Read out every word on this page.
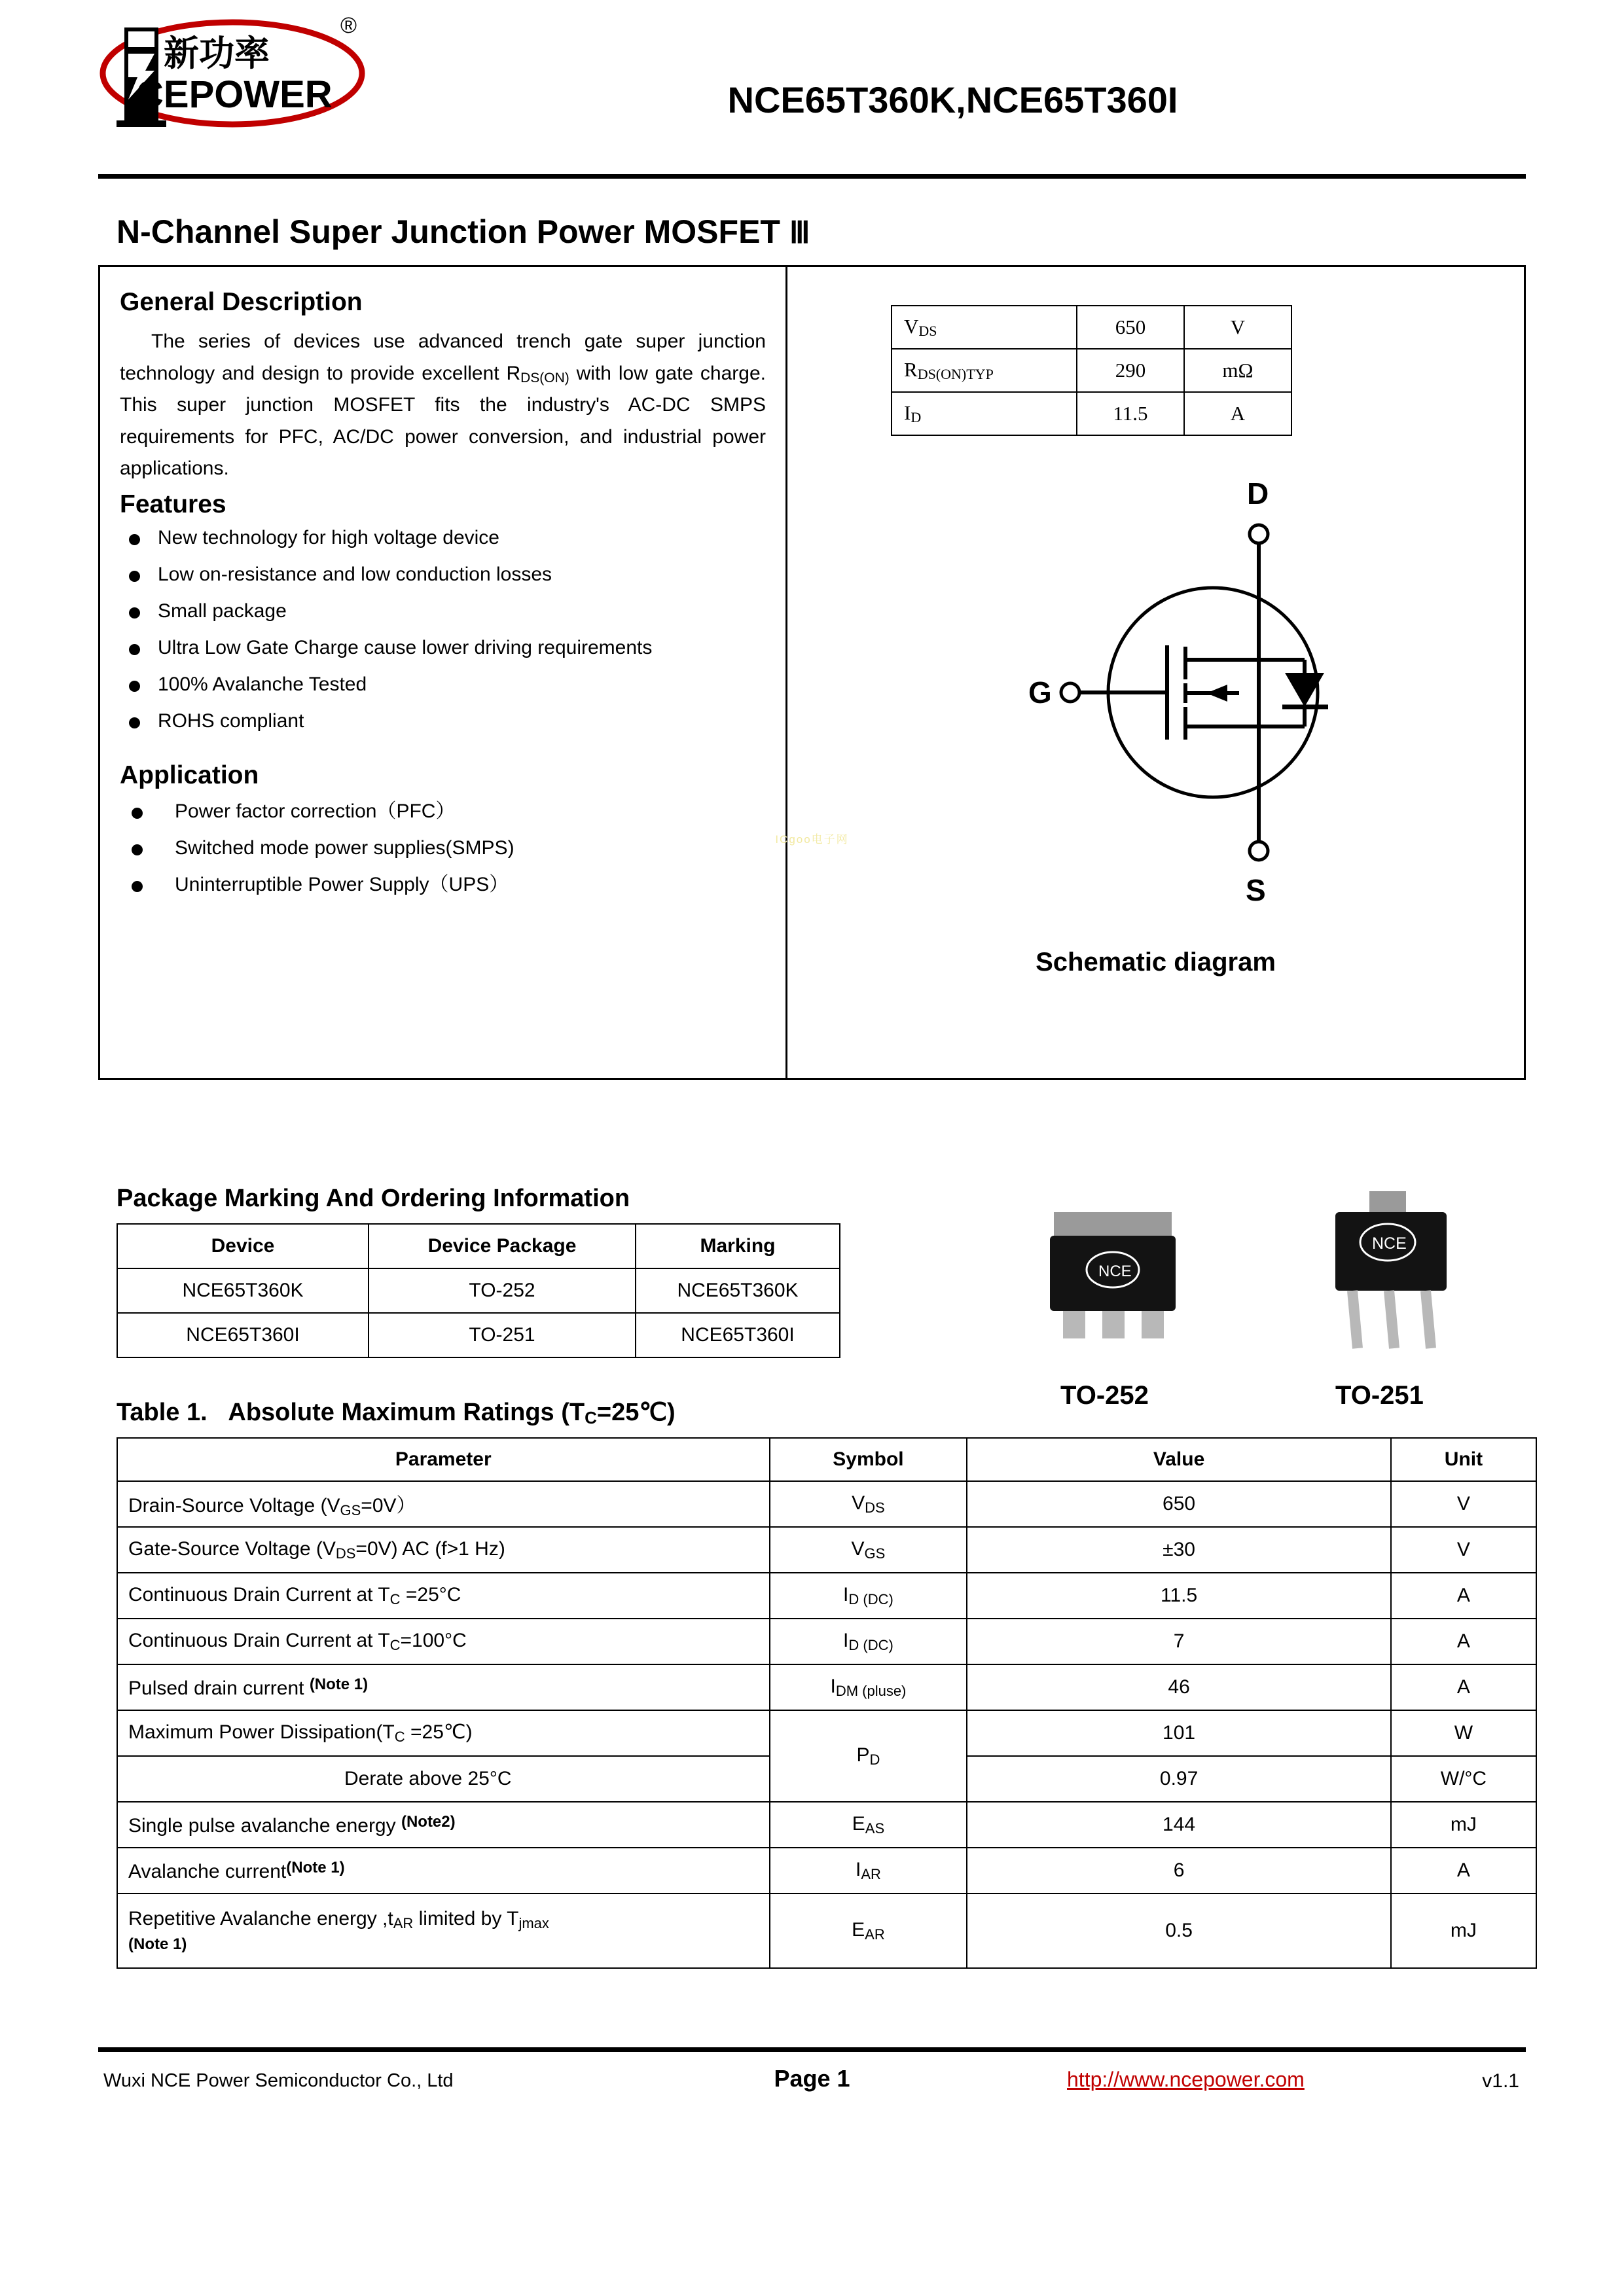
新功率
CEPOWER
®
NCE65T360K,NCE65T360I
N-Channel Super Junction Power MOSFET Ⅲ
General Description

The series of devices use advanced trench gate super junction technology and design to provide excellent RDS(ON) with low gate charge. This super junction MOSFET fits the industry's AC-DC SMPS requirements for PFC, AC/DC power conversion, and industrial power applications.

Features
New technology for high voltage device
Low on-resistance and low conduction losses
Small package
Ultra Low Gate Charge cause lower driving requirements
100% Avalanche Tested
ROHS compliant
Application
Power factor correction（PFC）
Switched mode power supplies(SMPS)
Uninterruptible Power Supply（UPS）
VDS	650	V
RDS(ON)TYP	290	mΩ
ID	11.5	A
D
S
G
Schematic diagram
ICgoo电子网
Package Marking And Ordering Information
Device	Device Package	Marking
NCE65T360K	TO-252	NCE65T360K
NCE65T360I	TO-251	NCE65T360I
NCE
NCE
TO-252	TO-251
Table 1. Absolute Maximum Ratings (TC=25℃)
Parameter	Symbol	Value	Unit
Drain-Source Voltage (VGS=0V）	VDS	650	V
Gate-Source Voltage (VDS=0V) AC (f>1 Hz)	VGS	±30	V
Continuous Drain Current at TC =25°C	ID (DC)	11.5	A
Continuous Drain Current at TC=100°C	ID (DC)	7	A
Pulsed drain current $^{(Note 1)}$	IDM (pluse)	46	A
Maximum Power Dissipation(TC =25℃)	PD	101	W
Derate above 25°C		0.97	W/°C
Single pulse avalanche energy $^{(Note2)}$	EAS	144	mJ
Avalanche current$^{(Note 1)}$	IAR	6	A
Repetitive Avalanche energy ,tAR limited by Tjmax
(Note 1)	EAR	0.5	mJ
Wuxi NCE Power Semiconductor Co., Ltd	Page 1	http://www.ncepower.com	v1.1
